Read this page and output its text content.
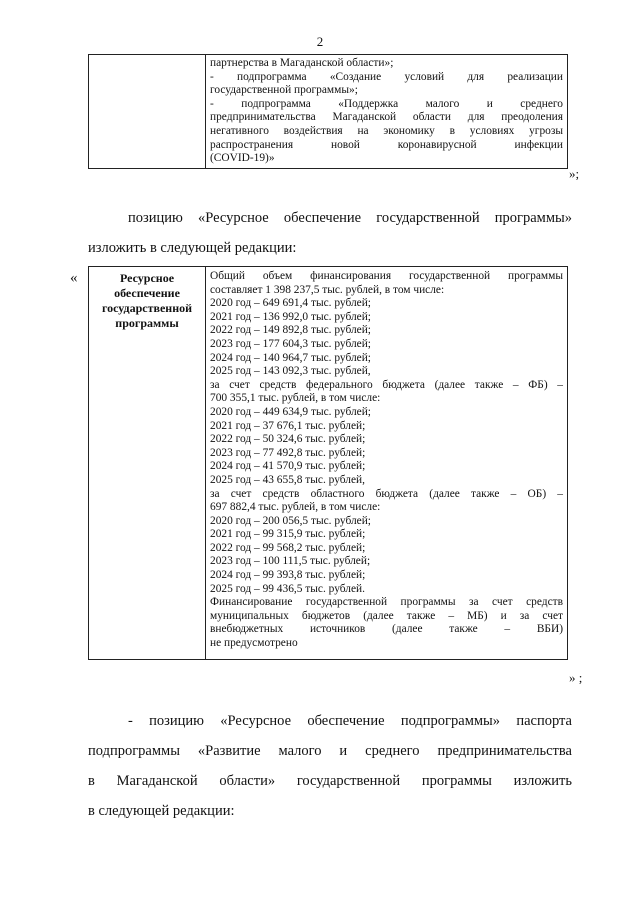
2

партнерства в Магаданской области»;
- подпрограмма «Создание условий для реализации
государственной программы»;
- подпрограмма «Поддержка малого и среднего
предпринимательства Магаданской области для преодоления
негативного воздействия на экономику в условиях угрозы
распространения новой коронавирусной инфекции
(COVID-19)»
»;
позицию «Ресурсное обеспечение государственной программы»
изложить в следующей редакции:
«	Ресурсное обеспечение государственной программы	
Общий объем финансирования государственной программы
составляет 1 398 237,5 тыс. рублей, в том числе:
2020 год – 649 691,4 тыс. рублей;
2021 год – 136 992,0 тыс. рублей;
2022 год – 149 892,8 тыс. рублей;
2023 год – 177 604,3 тыс. рублей;
2024 год – 140 964,7 тыс. рублей;
2025 год – 143 092,3 тыс. рублей,
за счет средств федерального бюджета (далее также – ФБ) –
700 355,1 тыс. рублей, в том числе:
2020 год – 449 634,9 тыс. рублей;
2021 год – 37 676,1 тыс. рублей;
2022 год – 50 324,6 тыс. рублей;
2023 год – 77 492,8 тыс. рублей;
2024 год – 41 570,9 тыс. рублей;
2025 год – 43 655,8 тыс. рублей,
за счет средств областного бюджета (далее также – ОБ) –
697 882,4 тыс. рублей, в том числе:
2020 год – 200 056,5 тыс. рублей;
2021 год – 99 315,9 тыс. рублей;
2022 год – 99 568,2 тыс. рублей;
2023 год – 100 111,5 тыс. рублей;
2024 год – 99 393,8 тыс. рублей;
2025 год – 99 436,5 тыс. рублей.
Финансирование государственной программы за счет средств
муниципальных бюджетов (далее также – МБ) и за счет
внебюджетных источников (далее также – ВБИ)
не предусмотрено
» ;
- позицию «Ресурсное обеспечение подпрограммы» паспорта
подпрограммы «Развитие малого и среднего предпринимательства
в Магаданской области» государственной программы изложить
в следующей редакции:
